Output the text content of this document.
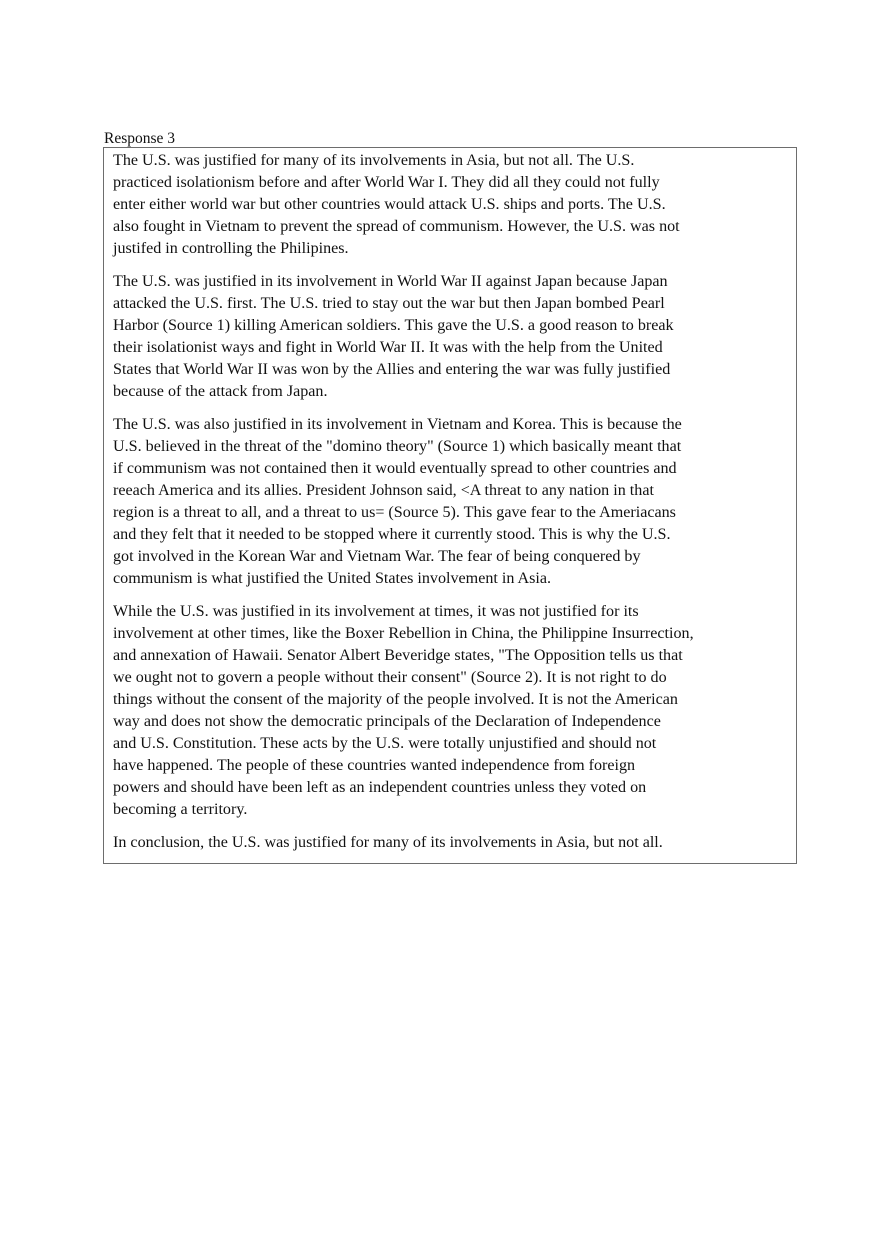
Response 3

The U.S. was justified for many of its involvements in Asia, but not all. The U.S.
practiced isolationism before and after World War I. They did all they could not fully
enter either world war but other countries would attack U.S. ships and ports. The U.S.
also fought in Vietnam to prevent the spread of communism. However, the U.S. was not
justifed in controlling the Philipines.

The U.S. was justified in its involvement in World War II against Japan because Japan
attacked the U.S. first. The U.S. tried to stay out the war but then Japan bombed Pearl
Harbor (Source 1) killing American soldiers. This gave the U.S. a good reason to break
their isolationist ways and fight in World War II. It was with the help from the United
States that World War II was won by the Allies and entering the war was fully justified
because of the attack from Japan.

The U.S. was also justified in its involvement in Vietnam and Korea. This is because the
U.S. believed in the threat of the "domino theory" (Source 1) which basically meant that
if communism was not contained then it would eventually spread to other countries and
reeach America and its allies. President Johnson said, <A threat to any nation in that
region is a threat to all, and a threat to us= (Source 5). This gave fear to the Ameriacans
and they felt that it needed to be stopped where it currently stood. This is why the U.S.
got involved in the Korean War and Vietnam War. The fear of being conquered by
communism is what justified the United States involvement in Asia.

While the U.S. was justified in its involvement at times, it was not justified for its
involvement at other times, like the Boxer Rebellion in China, the Philippine Insurrection,
and annexation of Hawaii. Senator Albert Beveridge states, "The Opposition tells us that
we ought not to govern a people without their consent" (Source 2). It is not right to do
things without the consent of the majority of the people involved. It is not the American
way and does not show the democratic principals of the Declaration of Independence
and U.S. Constitution. These acts by the U.S. were totally unjustified and should not
have happened. The people of these countries wanted independence from foreign
powers and should have been left as an independent countries unless they voted on
becoming a territory.

In conclusion, the U.S. was justified for many of its involvements in Asia, but not all.
